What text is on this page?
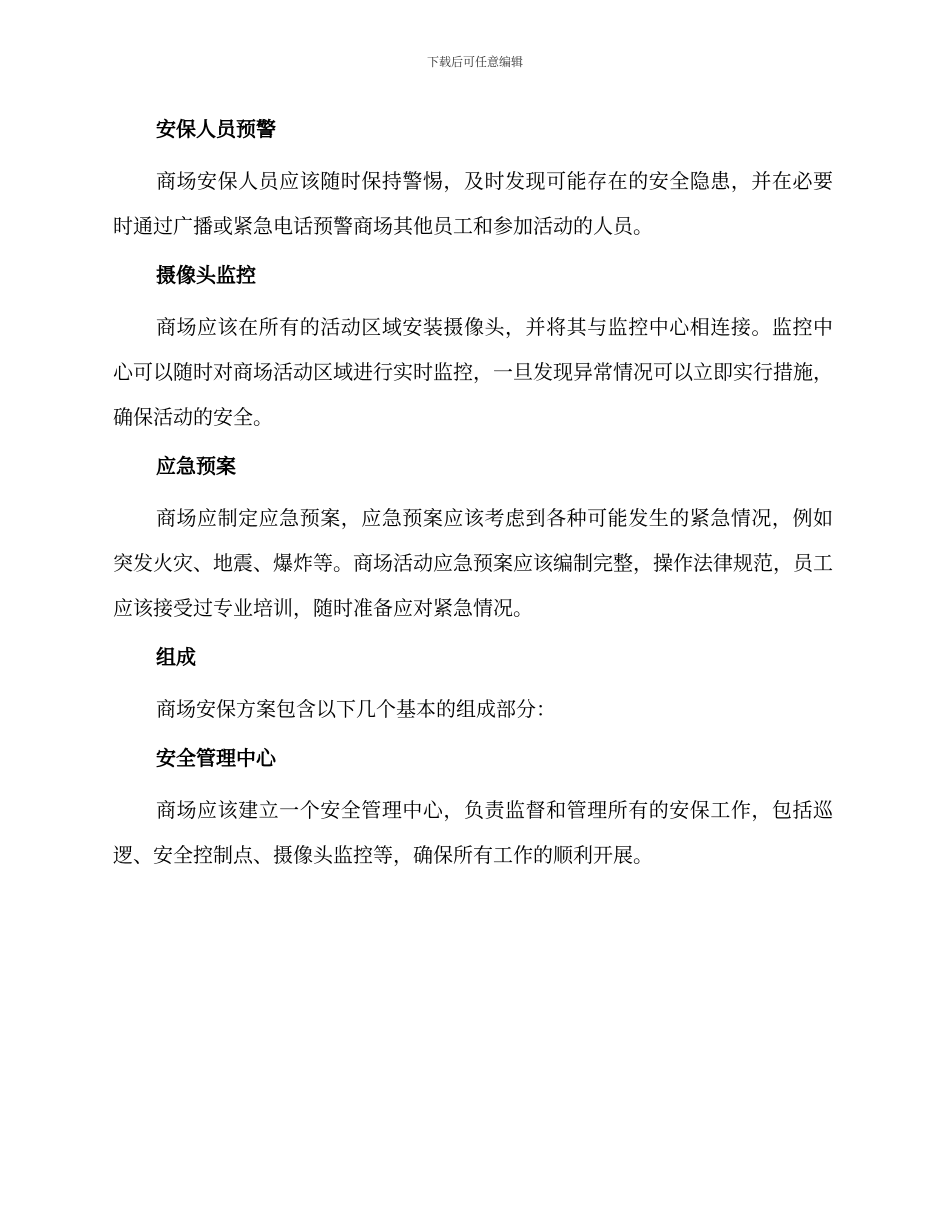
下载后可任意编辑
安保人员预警

商场安保人员应该随时保持警惕，及时发现可能存在的安全隐患，并在必要时通过广播或紧急电话预警商场其他员工和参加活动的人员。

摄像头监控

商场应该在所有的活动区域安装摄像头，并将其与监控中心相连接。监控中心可以随时对商场活动区域进行实时监控，一旦发现异常情况可以立即实行措施，确保活动的安全。

应急预案

商场应制定应急预案，应急预案应该考虑到各种可能发生的紧急情况，例如突发火灾、地震、爆炸等。商场活动应急预案应该编制完整，操作法律规范，员工应该接受过专业培训，随时准备应对紧急情况。

组成

商场安保方案包含以下几个基本的组成部分：

安全管理中心

商场应该建立一个安全管理中心，负责监督和管理所有的安保工作，包括巡逻、安全控制点、摄像头监控等，确保所有工作的顺利开展。
